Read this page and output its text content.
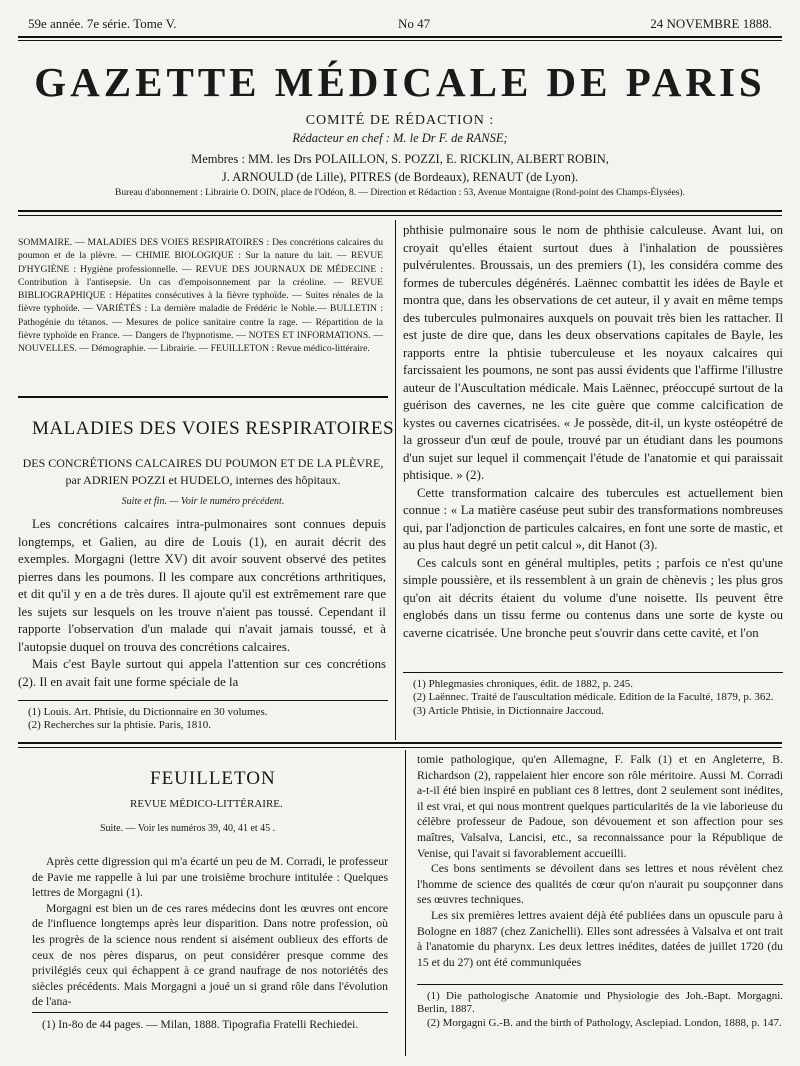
59e année. 7e série. Tome V.	No 47	24 NOVEMBRE 1888.
GAZETTE MÉDICALE DE PARIS
COMITÉ DE RÉDACTION :
Rédacteur en chef : M. le Dr F. de RANSE;
Membres : MM. les Drs POLAILLON, S. POZZI, E. RICKLIN, ALBERT ROBIN,
J. ARNOULD (de Lille), PITRES (de Bordeaux), RENAUT (de Lyon).
Bureau d'abonnement : Librairie O. DOIN, place de l'Odéon, 8. — Direction et Rédaction : 53, Avenue Montaigne (Rond-point des Champs-Élysées).

SOMMAIRE. — MALADIES DES VOIES RESPIRATOIRES : Des concrétions calcaires du poumon et de la plèvre. — CHIMIE BIOLOGIQUE : Sur la nature du lait. — REVUE D'HYGIÈNE : Hygiène professionnelle. — REVUE DES JOURNAUX DE MÉDECINE : Contribution à l'antisepsie. Un cas d'empoisonnement par la créoline. — REVUE BIBLIOGRAPHIQUE : Hépatites consécutives à la fièvre typhoïde. — Suites rénales de la fièvre typhoïde. — VARIÉTÉS : La dernière maladie de Frédéric le Noble.— BULLETIN : Pathogénie du tétanos. — Mesures de police sanitaire contre la rage. — Répartition de la fièvre typhoïde en France. — Dangers de l'hypnotisme. — NOTES ET INFORMATIONS. — NOUVELLES. — Démographie. — Librairie. — FEUILLETON : Revue médico-littéraire.

MALADIES DES VOIES RESPIRATOIRES
DES CONCRÉTIONS CALCAIRES DU POUMON ET DE LA PLÈVRE,
par ADRIEN POZZI et HUDELO, internes des hôpitaux.
Suite et fin. — Voir le numéro précédent.

Les concrétions calcaires intra-pulmonaires sont connues depuis longtemps, et Galien, au dire de Louis (1), en aurait décrit des exemples. Morgagni (lettre XV) dit avoir souvent observé des petites pierres dans les poumons. Il les compare aux concrétions arthritiques, et dit qu'il y en a de très dures. Il ajoute qu'il est extrêmement rare que les sujets sur lesquels on les trouve n'aient pas toussé. Cependant il rapporte l'observation d'un malade qui n'avait jamais toussé, et à l'autopsie duquel on trouva des concrétions calcaires.

Mais c'est Bayle surtout qui appela l'attention sur ces concrétions (2). Il en avait fait une forme spéciale de la

(1) Louis. Art. Phtisie, du Dictionnaire en 30 volumes.

(2) Recherches sur la phtisie. Paris, 1810.

phthisie pulmonaire sous le nom de phthisie calculeuse. Avant lui, on croyait qu'elles étaient surtout dues à l'inhalation de poussières pulvérulentes. Broussais, un des premiers (1), les considéra comme des formes de tubercules dégénérés. Laënnec combattit les idées de Bayle et montra que, dans les observations de cet auteur, il y avait en même temps des tubercules pulmonaires auxquels on pouvait très bien les rattacher. Il est juste de dire que, dans les deux observations capitales de Bayle, les rapports entre la phtisie tuberculeuse et les noyaux calcaires qui farcissaient les poumons, ne sont pas aussi évidents que l'affirme l'illustre auteur de l'Auscultation médicale. Mais Laënnec, préoccupé surtout de la guérison des cavernes, ne les cite guère que comme calcification de kystes ou cavernes cicatrisées. « Je possède, dit-il, un kyste ostéopétré de la grosseur d'un œuf de poule, trouvé par un étudiant dans les poumons d'un sujet sur lequel il commençait l'étude de l'anatomie et qui paraissait phtisique. » (2).

Cette transformation calcaire des tubercules est actuellement bien connue : « La matière caséuse peut subir des transformations nombreuses qui, par l'adjonction de particules calcaires, en font une sorte de mastic, et au plus haut degré un petit calcul », dit Hanot (3).

Ces calculs sont en général multiples, petits ; parfois ce n'est qu'une simple poussière, et ils ressemblent à un grain de chènevis ; les plus gros qu'on ait décrits étaient du volume d'une noisette. Ils peuvent être englobés dans un tissu ferme ou contenus dans une sorte de kyste ou caverne cicatrisée. Une bronche peut s'ouvrir dans cette cavité, et l'on

(1) Phlegmasies chroniques, édit. de 1882, p. 245.

(2) Laënnec. Traité de l'auscultation médicale. Edition de la Faculté, 1879, p. 362.

(3) Article Phtisie, in Dictionnaire Jaccoud.

FEUILLETON
REVUE MÉDICO-LITTÉRAIRE.
Suite. — Voir les numéros 39, 40, 41 et 45 .

Après cette digression qui m'a écarté un peu de M. Corradi, le professeur de Pavie me rappelle à lui par une troisième brochure intitulée : Quelques lettres de Morgagni (1).

Morgagni est bien un de ces rares médecins dont les œuvres ont encore de l'influence longtemps après leur disparition. Dans notre profession, où les progrès de la science nous rendent si aisément oublieux des efforts de ceux de nos pères disparus, on peut considérer presque comme des privilégiés ceux qui échappent à ce grand naufrage de nos notoriétés des siècles précédents. Mais Morgagni a joué un si grand rôle dans l'évolution de l'ana-

(1) In-8o de 44 pages. — Milan, 1888. Tipografia Fratelli Rechiedei.

tomie pathologique, qu'en Allemagne, F. Falk (1) et en Angleterre, B. Richardson (2), rappelaient hier encore son rôle méritoire. Aussi M. Corradi a-t-il été bien inspiré en publiant ces 8 lettres, dont 2 seulement sont inédites, il est vrai, et qui nous montrent quelques particularités de la vie laborieuse du célèbre professeur de Padoue, son dévouement et son affection pour ses maîtres, Valsalva, Lancisi, etc., sa reconnaissance pour la République de Venise, qui l'avait si favorablement accueilli.

Ces bons sentiments se dévoilent dans ses lettres et nous révèlent chez l'homme de science des qualités de cœur qu'on n'aurait pu soupçonner dans ses œuvres techniques.

Les six premières lettres avaient déjà été publiées dans un opuscule paru à Bologne en 1887 (chez Zanichelli). Elles sont adressées à Valsalva et ont trait à l'anatomie du pharynx. Les deux lettres inédites, datées de juillet 1720 (du 15 et du 27) ont été communiquées

(1) Die pathologische Anatomie und Physiologie des Joh.-Bapt. Morgagni. Berlin, 1887.

(2) Morgagni G.-B. and the birth of Pathology, Asclepiad. London, 1888, p. 147.
